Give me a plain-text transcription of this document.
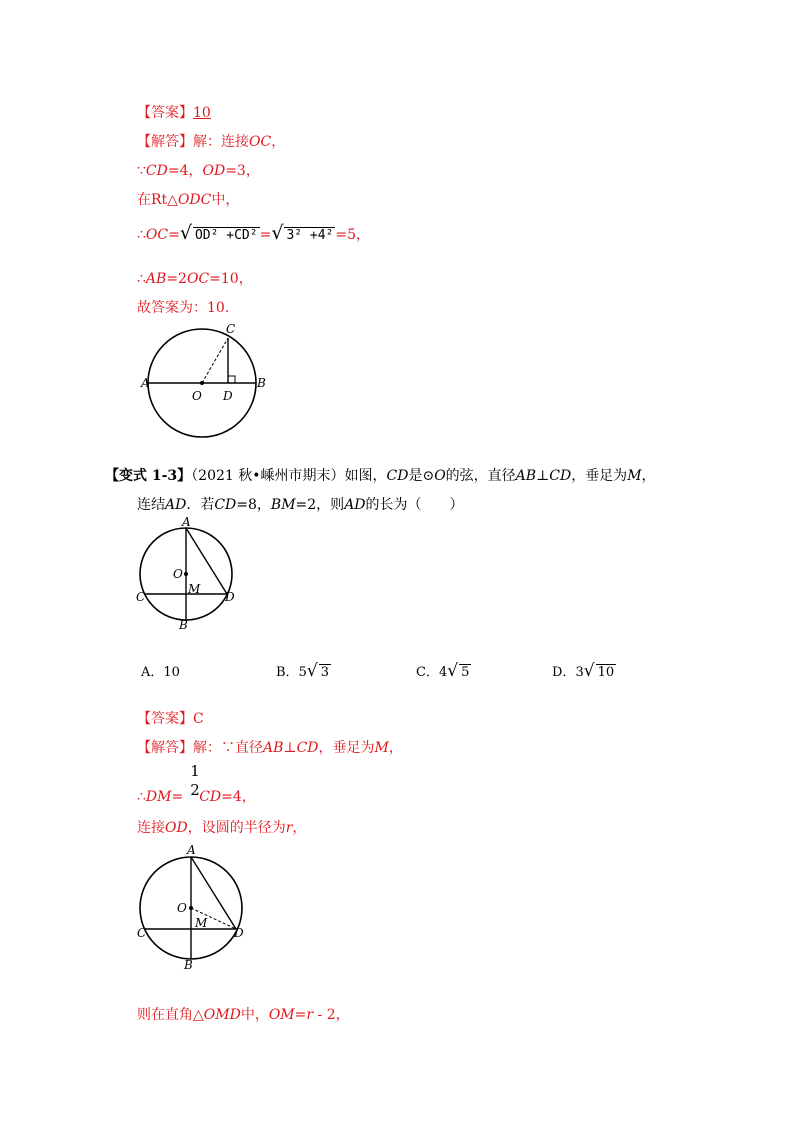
【答案】10
【解答】解：连接OC，
∵CD=4，OD=3，
在Rt△ODC中，
∴OC=√ OD² +CD² =√ 3² +4² =5，
∴AB=2OC=10，
故答案为：10.
C
A
O D
B
【变式 1-3】（2021 秋•嵊州市期末）如图，CD是⊙O的弦，直径AB⊥CD，垂足为M，
连结AD．若CD=8，BM=2，则AD的长为（　　）
A
O
C
M
D
B
A．10	B．5√ 3	C．4√ 5	D．3√ 10
【答案】C
【解答】解：∵直径AB⊥CD，垂足为M，
1
2
∴DM= CD=4，
连接OD，设圆的半径为r，
A
O
C
M
D
B
则在直角△OMD中，OM=r - 2，
